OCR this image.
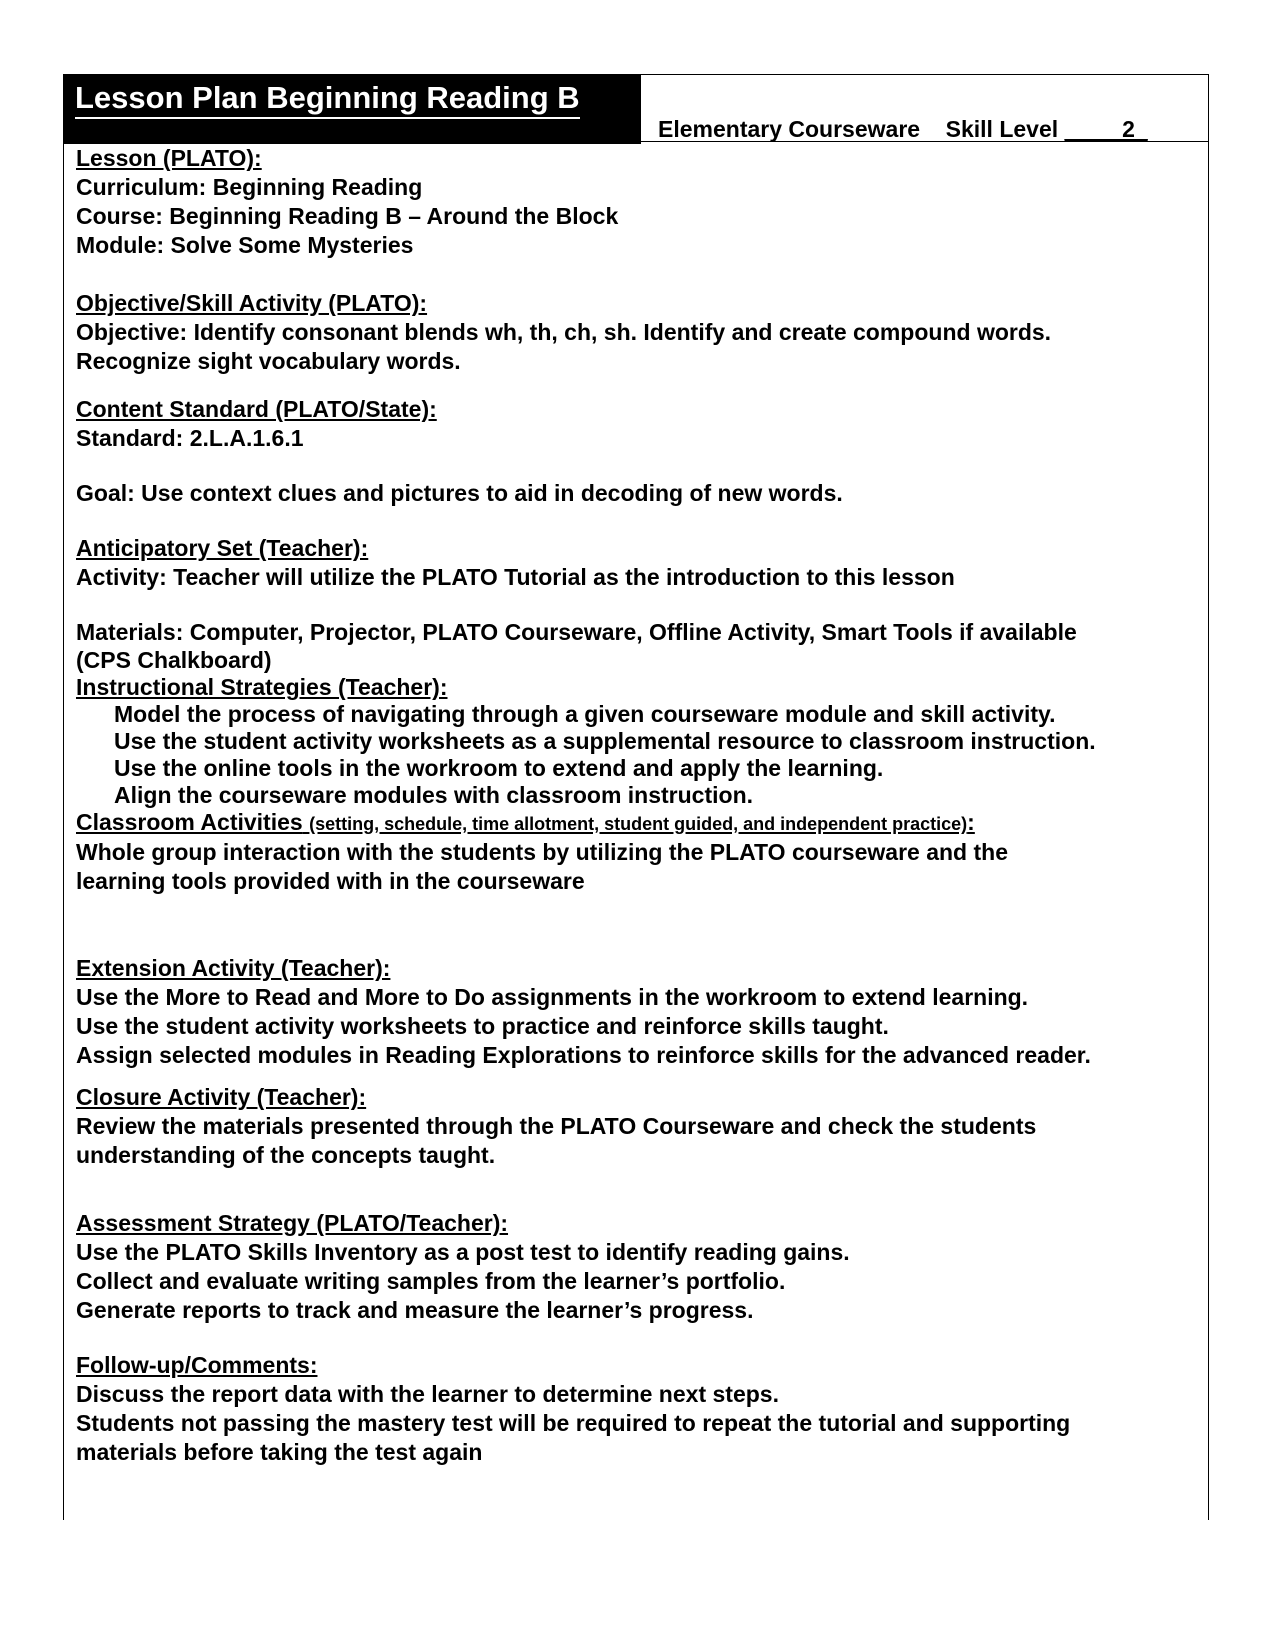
Lesson Plan Beginning Reading B
Elementary Courseware Skill Level ___ _2_
Lesson (PLATO):
Curriculum: Beginning Reading
Course: Beginning Reading B – Around the Block
Module: Solve Some Mysteries
Objective/Skill Activity (PLATO):
Objective: Identify consonant blends wh, th, ch, sh. Identify and create compound words.
Recognize sight vocabulary words.
Content Standard (PLATO/State):
Standard: 2.L.A.1.6.1
Goal: Use context clues and pictures to aid in decoding of new words.
Anticipatory Set (Teacher):
Activity: Teacher will utilize the PLATO Tutorial as the introduction to this lesson
Materials: Computer, Projector, PLATO Courseware, Offline Activity, Smart Tools if available
(CPS Chalkboard)
Instructional Strategies (Teacher):
Model the process of navigating through a given courseware module and skill activity.
Use the student activity worksheets as a supplemental resource to classroom instruction.
Use the online tools in the workroom to extend and apply the learning.
Align the courseware modules with classroom instruction.
Classroom Activities (setting, schedule, time allotment, student guided, and independent practice):
Whole group interaction with the students by utilizing the PLATO courseware and the
learning tools provided with in the courseware
Extension Activity (Teacher):
Use the More to Read and More to Do assignments in the workroom to extend learning.
Use the student activity worksheets to practice and reinforce skills taught.
Assign selected modules in Reading Explorations to reinforce skills for the advanced reader.
Closure Activity (Teacher):
Review the materials presented through the PLATO Courseware and check the students
understanding of the concepts taught.
Assessment Strategy (PLATO/Teacher):
Use the PLATO Skills Inventory as a post test to identify reading gains.
Collect and evaluate writing samples from the learner’s portfolio.
Generate reports to track and measure the learner’s progress.
Follow-up/Comments:
Discuss the report data with the learner to determine next steps.
Students not passing the mastery test will be required to repeat the tutorial and supporting
materials before taking the test again
